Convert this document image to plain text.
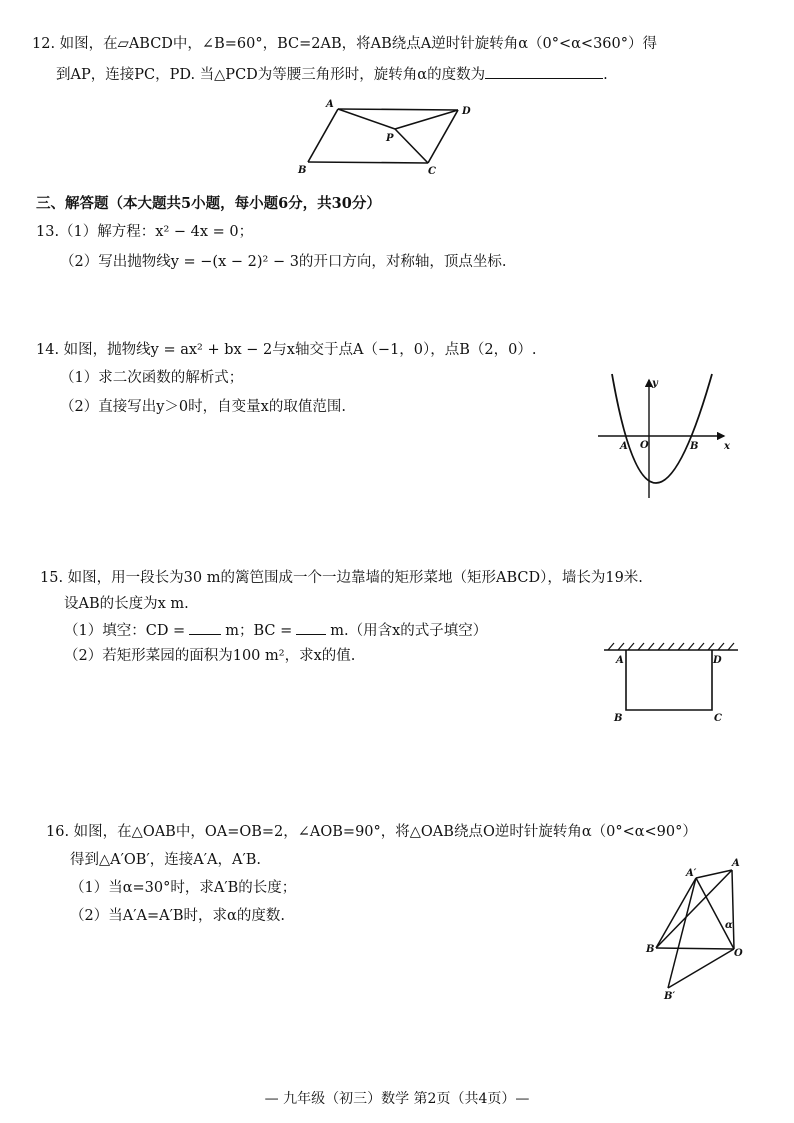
12. 如图，在▱ABCD中，∠B=60°，BC=2AB，将AB绕点A逆时针旋转角α（0°<α<360°）得
到AP，连接PC，PD. 当△PCD为等腰三角形时，旋转角α的度数为	.
A
D
P
B	C
三、解答题（本大题共5小题，每小题6分，共30分）
13.（1）解方程：x² − 4x = 0；
（2）写出抛物线y = −(x − 2)² − 3的开口方向，对称轴，顶点坐标.
14. 如图，抛物线y = ax² + bx − 2与x轴交于点A（−1，0），点B（2，0）.
（1）求二次函数的解析式；
（2）直接写出y＞0时，自变量x的取值范围.
y
x
A O	B
15. 如图，用一段长为30 m的篱笆围成一个一边靠墙的矩形菜地（矩形ABCD），墙长为19米.
设AB的长度为x m.
（1）填空：CD =	m；BC =	m.（用含x的式子填空）
（2）若矩形菜园的面积为100 m²，求x的值.	A	D
B	C
16. 如图，在△OAB中，OA=OB=2，∠AOB=90°，将△OAB绕点O逆时针旋转角α（0°<α<90°）
得到△A′OB′，连接A′A，A′B.
（1）当α=30°时，求A′B的长度；
（2）当A′A=A′B时，求α的度数.
A′
A
α
B	O
B′
— 九年级（初三）数学 第2页（共4页）—
